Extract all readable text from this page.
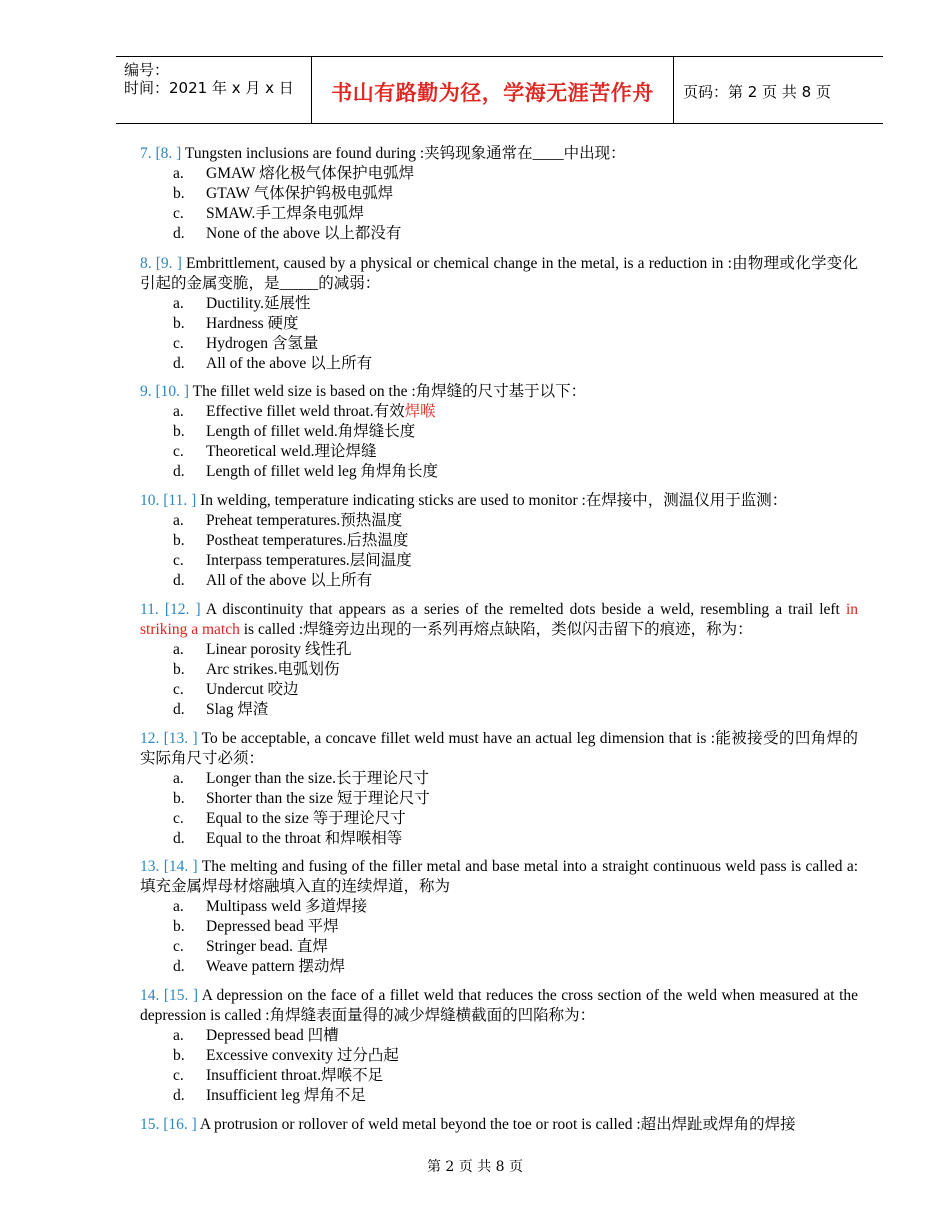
编号：
时间：2021 年 x 月 x 日	书山有路勤为径，学海无涯苦作舟	页码：第 2 页 共 8 页
7. [8. ] Tungsten inclusions are found during :夹钨现象通常在____中出现：
a. GMAW 熔化极气体保护电弧焊
b. GTAW 气体保护钨极电弧焊
c. SMAW.手工焊条电弧焊
d. None of the above 以上都没有
8. [9. ] Embrittlement, caused by a physical or chemical change in the metal, is a reduction in :由物理或化学变化引起的金属变脆，是_____的减弱：
a. Ductility.延展性
b. Hardness 硬度
c. Hydrogen 含氢量
d. All of the above 以上所有
9. [10. ] The fillet weld size is based on the :角焊缝的尺寸基于以下：
a. Effective fillet weld throat.有效焊喉
b. Length of fillet weld.角焊缝长度
c. Theoretical weld.理论焊缝
d. Length of fillet weld leg 角焊角长度
10. [11. ] In welding, temperature indicating sticks are used to monitor :在焊接中，测温仪用于监测：
a. Preheat temperatures.预热温度
b. Postheat temperatures.后热温度
c. Interpass temperatures.层间温度
d. All of the above 以上所有
11. [12. ] A discontinuity that appears as a series of the remelted dots beside a weld, resembling a trail left in striking a match is called :焊缝旁边出现的一系列再熔点缺陷，类似闪击留下的痕迹，称为：
a. Linear porosity 线性孔
b. Arc strikes.电弧划伤
c. Undercut 咬边
d. Slag 焊渣
12. [13. ] To be acceptable, a concave fillet weld must have an actual leg dimension that is :能被接受的凹角焊的实际角尺寸必须：
a. Longer than the size.长于理论尺寸
b. Shorter than the size 短于理论尺寸
c. Equal to the size 等于理论尺寸
d. Equal to the throat 和焊喉相等
13. [14. ] The melting and fusing of the filler metal and base metal into a straight continuous weld pass is called a:填充金属焊母材熔融填入直的连续焊道，称为
a. Multipass weld 多道焊接
b. Depressed bead 平焊
c. Stringer bead. 直焊
d. Weave pattern 摆动焊
14. [15. ] A depression on the face of a fillet weld that reduces the cross section of the weld when measured at the depression is called :角焊缝表面量得的减少焊缝横截面的凹陷称为：
a. Depressed bead 凹槽
b. Excessive convexity 过分凸起
c. Insufficient throat.焊喉不足
d. Insufficient leg 焊角不足
15. [16. ] A protrusion or rollover of weld metal beyond the toe or root is called :超出焊趾或焊角的焊接
第 2 页 共 8 页
